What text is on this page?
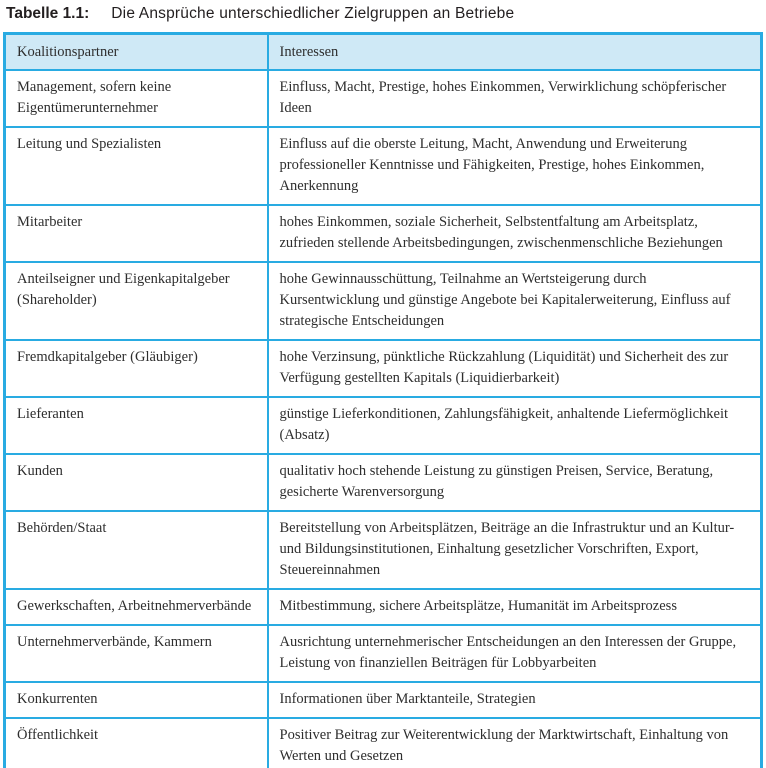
Tabelle 1.1: Die Ansprüche unterschiedlicher Zielgruppen an Betriebe
Koalitionspartner	Interessen
Management, sofern keine Eigentümerunternehmer	Einfluss, Macht, Prestige, hohes Einkommen, Verwirklichung schöpferischer Ideen
Leitung und Spezialisten	Einfluss auf die oberste Leitung, Macht, Anwendung und Erweiterung professioneller Kenntnisse und Fähigkeiten, Prestige, hohes Einkommen, Anerkennung
Mitarbeiter	hohes Einkommen, soziale Sicherheit, Selbstentfaltung am Arbeitsplatz, zufrieden stellende Arbeitsbedingungen, zwischenmenschliche Beziehungen
Anteilseigner und Eigenkapitalgeber (Shareholder)	hohe Gewinnausschüttung, Teilnahme an Wertsteigerung durch Kursentwicklung und günstige Angebote bei Kapitalerweiterung, Einfluss auf strategische Entscheidungen
Fremdkapitalgeber (Gläubiger)	hohe Verzinsung, pünktliche Rückzahlung (Liquidität) und Sicherheit des zur Verfügung gestellten Kapitals (Liquidierbarkeit)
Lieferanten	günstige Lieferkonditionen, Zahlungsfähigkeit, anhaltende Liefermöglichkeit (Absatz)
Kunden	qualitativ hoch stehende Leistung zu günstigen Preisen, Service, Beratung, gesicherte Warenversorgung
Behörden/Staat	Bereitstellung von Arbeitsplätzen, Beiträge an die Infrastruktur und an Kultur- und Bildungsinstitutionen, Einhaltung gesetzlicher Vorschriften, Export, Steuereinnahmen
Gewerkschaften, Arbeitnehmerverbände	Mitbestimmung, sichere Arbeitsplätze, Humanität im Arbeitsprozess
Unternehmerverbände, Kammern	Ausrichtung unternehmerischer Entscheidungen an den Interessen der Gruppe, Leistung von finanziellen Beiträgen für Lobbyarbeiten
Konkurrenten	Informationen über Marktanteile, Strategien
Öffentlichkeit	Positiver Beitrag zur Weiterentwicklung der Marktwirtschaft, Einhaltung von Werten und Gesetzen
